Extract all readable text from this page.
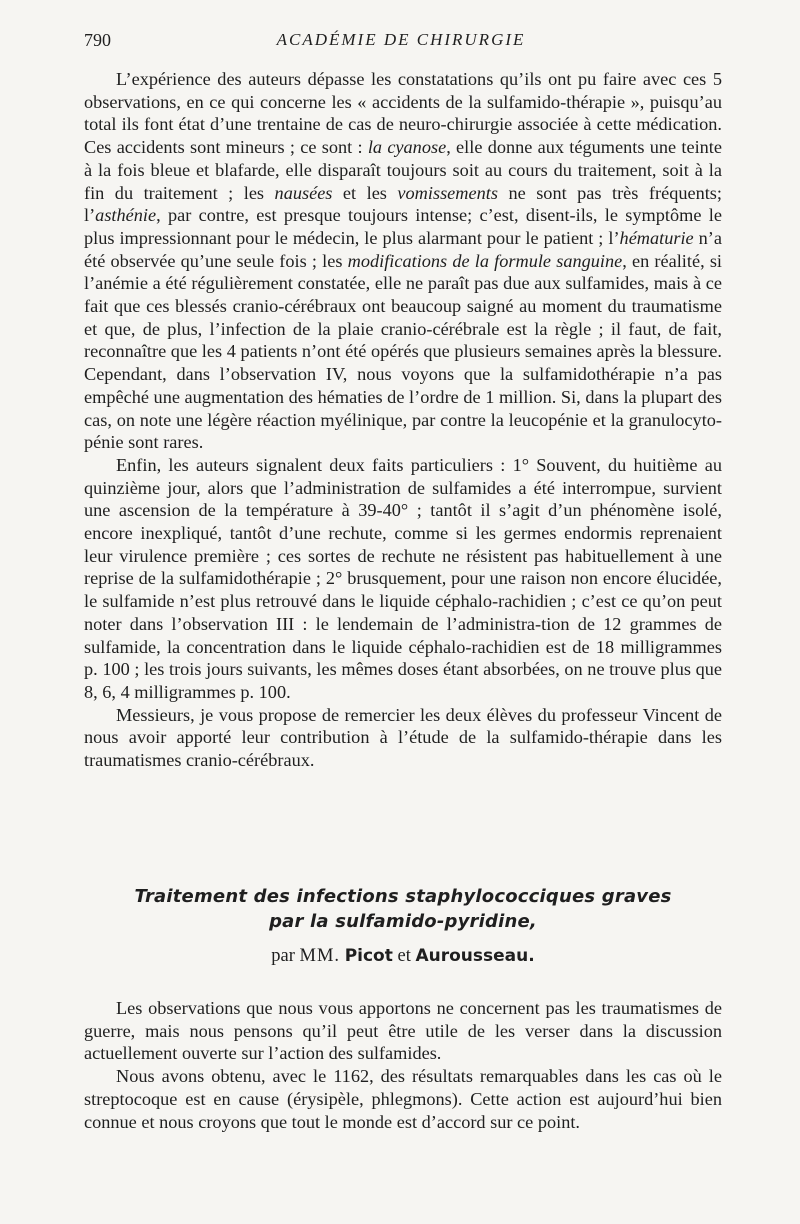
790	ACADÉMIE DE CHIRURGIE

L’expérience des auteurs dépasse les constatations qu’ils ont pu faire avec ces 5 observations, en ce qui concerne les « accidents de la sulfamido-thérapie », puisqu’au total ils font état d’une trentaine de cas de neuro-chirurgie associée à cette médication. Ces accidents sont mineurs ; ce sont : la cyanose, elle donne aux téguments une teinte à la fois bleue et blafarde, elle disparaît toujours soit au cours du traitement, soit à la fin du traitement ; les nausées et les vomissements ne sont pas très fréquents; l’asthénie, par contre, est presque toujours intense; c’est, disent-ils, le symptôme le plus impressionnant pour le médecin, le plus alarmant pour le patient ; l’hématurie n’a été observée qu’une seule fois ; les modifications de la formule sanguine, en réalité, si l’anémie a été régulièrement constatée, elle ne paraît pas due aux sulfamides, mais à ce fait que ces blessés cranio-cérébraux ont beaucoup saigné au moment du traumatisme et que, de plus, l’infection de la plaie cranio-cérébrale est la règle ; il faut, de fait, reconnaître que les 4 patients n’ont été opérés que plusieurs semaines après la blessure. Cependant, dans l’observation IV, nous voyons que la sulfamidothérapie n’a pas empêché une augmentation des hématies de l’ordre de 1 million. Si, dans la plupart des cas, on note une légère réaction myélinique, par contre la leucopénie et la granulocyto-pénie sont rares.

Enfin, les auteurs signalent deux faits particuliers : 1° Souvent, du huitième au quinzième jour, alors que l’administration de sulfamides a été interrompue, survient une ascension de la température à 39-40° ; tantôt il s’agit d’un phénomène isolé, encore inexpliqué, tantôt d’une rechute, comme si les germes endormis reprenaient leur virulence première ; ces sortes de rechute ne résistent pas habituellement à une reprise de la sulfamidothérapie ; 2° brusquement, pour une raison non encore élucidée, le sulfamide n’est plus retrouvé dans le liquide céphalo-rachidien ; c’est ce qu’on peut noter dans l’observation III : le lendemain de l’administra-tion de 12 grammes de sulfamide, la concentration dans le liquide céphalo-rachidien est de 18 milligrammes p. 100 ; les trois jours suivants, les mêmes doses étant absorbées, on ne trouve plus que 8, 6, 4 milligrammes p. 100.

Messieurs, je vous propose de remercier les deux élèves du professeur Vincent de nous avoir apporté leur contribution à l’étude de la sulfamido-thérapie dans les traumatismes cranio-cérébraux.

Traitement des infections staphylococciques graves
par la sulfamido-pyridine,
par MM. Picot et Aurousseau.

Les observations que nous vous apportons ne concernent pas les traumatismes de guerre, mais nous pensons qu’il peut être utile de les verser dans la discussion actuellement ouverte sur l’action des sulfamides.

Nous avons obtenu, avec le 1162, des résultats remarquables dans les cas où le streptocoque est en cause (érysipèle, phlegmons). Cette action est aujourd’hui bien connue et nous croyons que tout le monde est d’accord sur ce point.
